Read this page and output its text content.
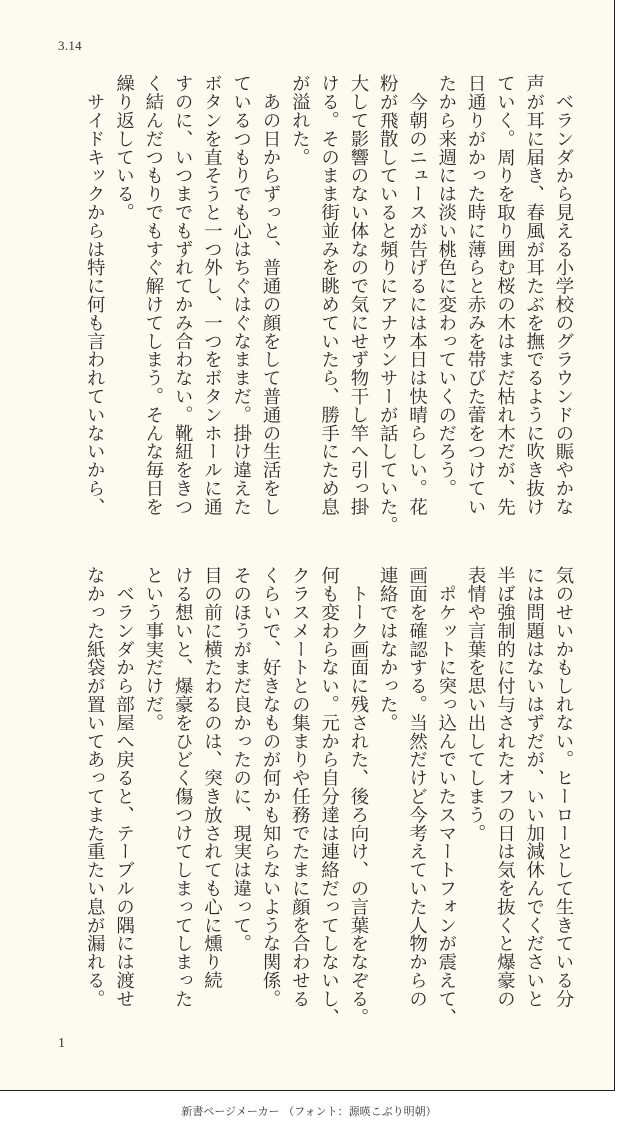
3.14
　ベランダから見える小学校のグラウンドの賑やかな
声が耳に届き、春風が耳たぶを撫でるように吹き抜け
ていく。周りを取り囲む桜の木はまだ枯れ木だが、先
日通りがかった時に薄らと赤みを帯びた蕾をつけてい
たから来週には淡い桃色に変わっていくのだろう。
　今朝のニュースが告げるには本日は快晴らしい。花
粉が飛散していると頻りにアナウンサーが話していた。
大して影響のない体なので気にせず物干し竿へ引っ掛
ける。そのまま街並みを眺めていたら、勝手にため息
が溢れた。
　あの日からずっと、普通の顔をして普通の生活をし
ているつもりでも心はちぐはぐなままだ。掛け違えた
ボタンを直そうと一つ外し、一つをボタンホールに通
すのに、いつまでもずれてかみ合わない。靴紐をきつ
く結んだつもりでもすぐ解けてしまう。そんな毎日を
繰り返している。
　サイドキックからは特に何も言われていないから、
気のせいかもしれない。ヒーローとして生きている分
には問題はないはずだが、いい加減休んでくださいと
半ば強制的に付与されたオフの日は気を抜くと爆豪の
表情や言葉を思い出してしまう。
　ポケットに突っ込んでいたスマートフォンが震えて、
画面を確認する。当然だけど今考えていた人物からの
連絡ではなかった。
　トーク画面に残された、後ろ向け、の言葉をなぞる。
何も変わらない。元から自分達は連絡だってしないし、
クラスメートとの集まりや任務でたまに顔を合わせる
くらいで、好きなものが何かも知らないような関係。
そのほうがまだ良かったのに、現実は違って。
目の前に横たわるのは、突き放されても心に燻り続
ける想いと、爆豪をひどく傷つけてしまってしまった
という事実だけだ。
　ベランダから部屋へ戻ると、テーブルの隅には渡せ
なかった紙袋が置いてあってまた重たい息が漏れる。
1
新書ページメーカー （フォント：源暎こぶり明朝）
